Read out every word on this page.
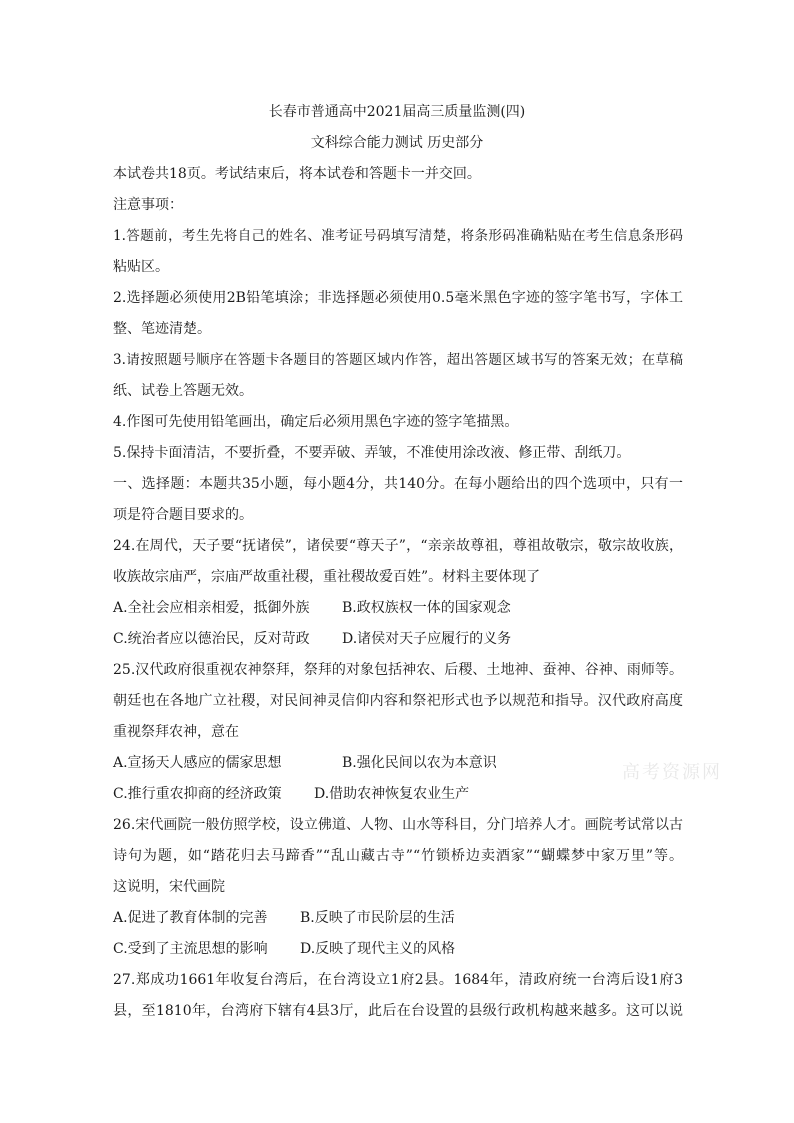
长春市普通高中2021届高三质量监测(四)
文科综合能力测试 历史部分
本试卷共18页。考试结束后，将本试卷和答题卡一并交回。
注意事项：
1.答题前，考生先将自己的姓名、准考证号码填写清楚，将条形码准确粘贴在考生信息条形码
粘贴区。
2.选择题必须使用2B铅笔填涂；非选择题必须使用0.5毫米黑色字迹的签字笔书写，字体工
整、笔迹清楚。
3.请按照题号顺序在答题卡各题目的答题区域内作答，超出答题区域书写的答案无效；在草稿
纸、试卷上答题无效。
4.作图可先使用铅笔画出，确定后必须用黑色字迹的签字笔描黑。
5.保持卡面清洁，不要折叠，不要弄破、弄皱，不准使用涂改液、修正带、刮纸刀。
一、选择题：本题共35小题，每小题4分，共140分。在每小题给出的四个选项中，只有一
项是符合题目要求的。
24.在周代，天子要“抚诸侯”，诸侯要“尊天子”，“亲亲故尊祖，尊祖故敬宗，敬宗故收族，
收族故宗庙严，宗庙严故重社稷，重社稷故爱百姓”。材料主要体现了
A.全社会应相亲相爱，抵御外族 B.政权族权一体的国家观念
C.统治者应以德治民，反对苛政 D.诸侯对天子应履行的义务
25.汉代政府很重视农神祭拜，祭拜的对象包括神农、后稷、土地神、蚕神、谷神、雨师等。
朝廷也在各地广立社稷，对民间神灵信仰内容和祭祀形式也予以规范和指导。汉代政府高度
重视祭拜农神，意在
A.宣扬天人感应的儒家思想	B.强化民间以农为本意识
C.推行重农抑商的经济政策 D.借助农神恢复农业生产
26.宋代画院一般仿照学校，设立佛道、人物、山水等科目，分门培养人才。画院考试常以古
诗句为题，如“踏花归去马蹄香”“乱山藏古寺”“竹锁桥边卖酒家”“蝴蝶梦中家万里”等。
这说明，宋代画院
A.促进了教育体制的完善 B.反映了市民阶层的生活
C.受到了主流思想的影响 D.反映了现代主义的风格
27.郑成功1661年收复台湾后，在台湾设立1府2县。1684年，清政府统一台湾后设1府3
县，至1810年，台湾府下辖有4县3厅，此后在台设置的县级行政机构越来越多。这可以说
高考资源网
